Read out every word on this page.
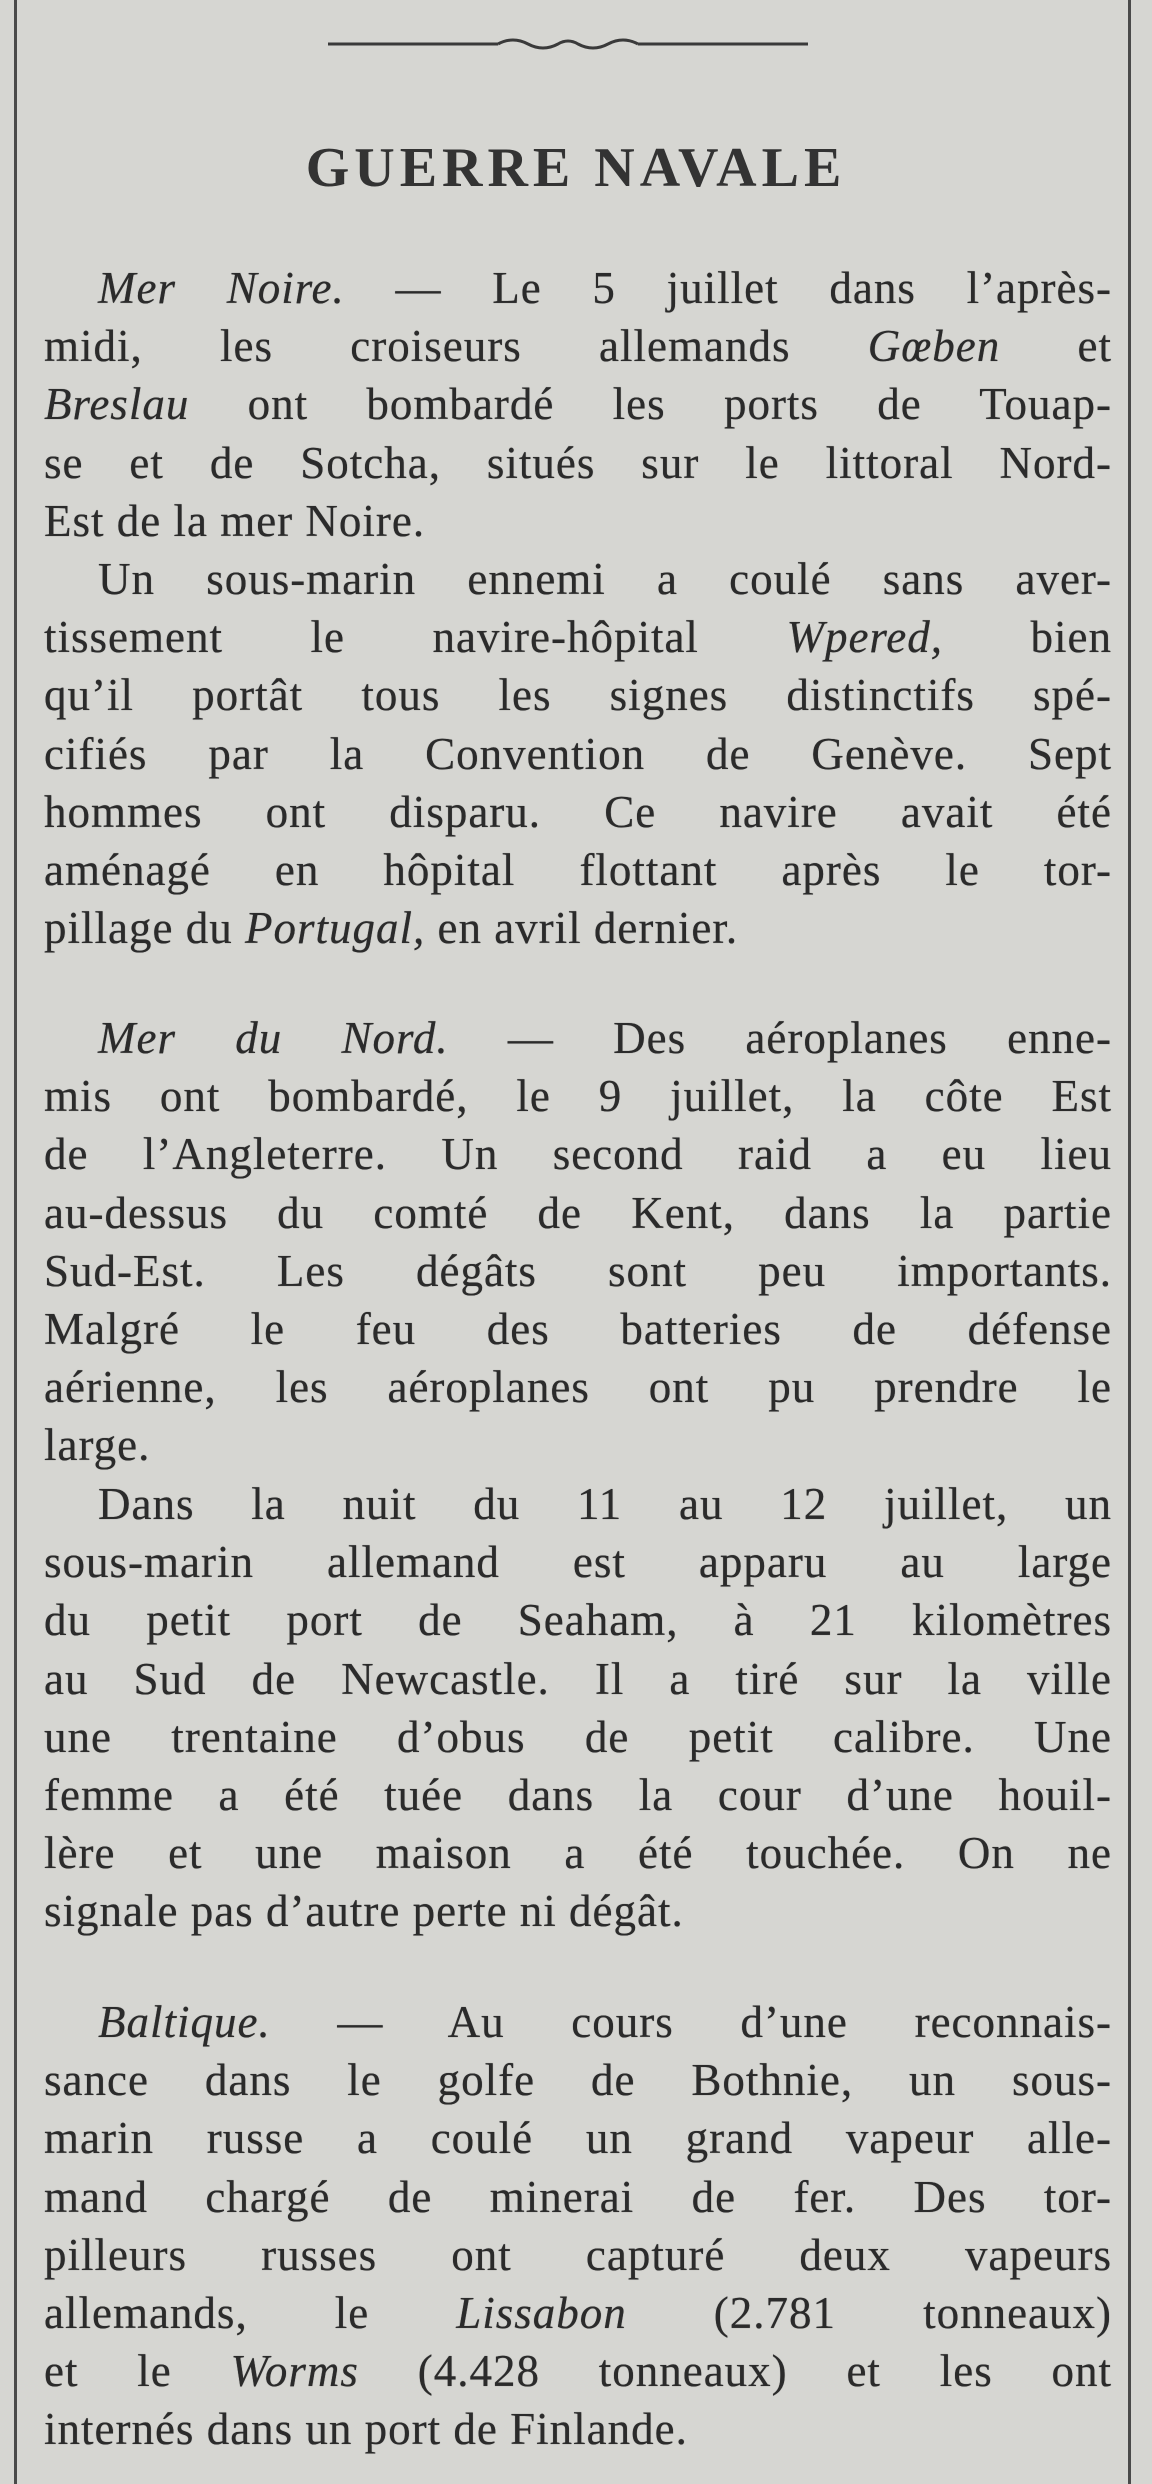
GUERRE NAVALE
Mer Noire. — Le 5 juillet dans l’après-
midi, les croiseurs allemands Gœben et
Breslau ont bombardé les ports de Touap-
se et de Sotcha, situés sur le littoral Nord-
Est de la mer Noire.
Un sous-marin ennemi a coulé sans aver-
tissement le navire-hôpital Wpered, bien
qu’il portât tous les signes distinctifs spé-
cifiés par la Convention de Genève. Sept
hommes ont disparu. Ce navire avait été
aménagé en hôpital flottant après le tor-
pillage du Portugal, en avril dernier.
Mer du Nord. — Des aéroplanes enne-
mis ont bombardé, le 9 juillet, la côte Est
de l’Angleterre. Un second raid a eu lieu
au-dessus du comté de Kent, dans la partie
Sud-Est. Les dégâts sont peu importants.
Malgré le feu des batteries de défense
aérienne, les aéroplanes ont pu prendre le
large.
Dans la nuit du 11 au 12 juillet, un
sous-marin allemand est apparu au large
du petit port de Seaham, à 21 kilomètres
au Sud de Newcastle. Il a tiré sur la ville
une trentaine d’obus de petit calibre. Une
femme a été tuée dans la cour d’une houil-
lère et une maison a été touchée. On ne
signale pas d’autre perte ni dégât.
Baltique. — Au cours d’une reconnais-
sance dans le golfe de Bothnie, un sous-
marin russe a coulé un grand vapeur alle-
mand chargé de minerai de fer. Des tor-
pilleurs russes ont capturé deux vapeurs
allemands, le Lissabon (2.781 tonneaux)
et le Worms (4.428 tonneaux) et les ont
internés dans un port de Finlande.
